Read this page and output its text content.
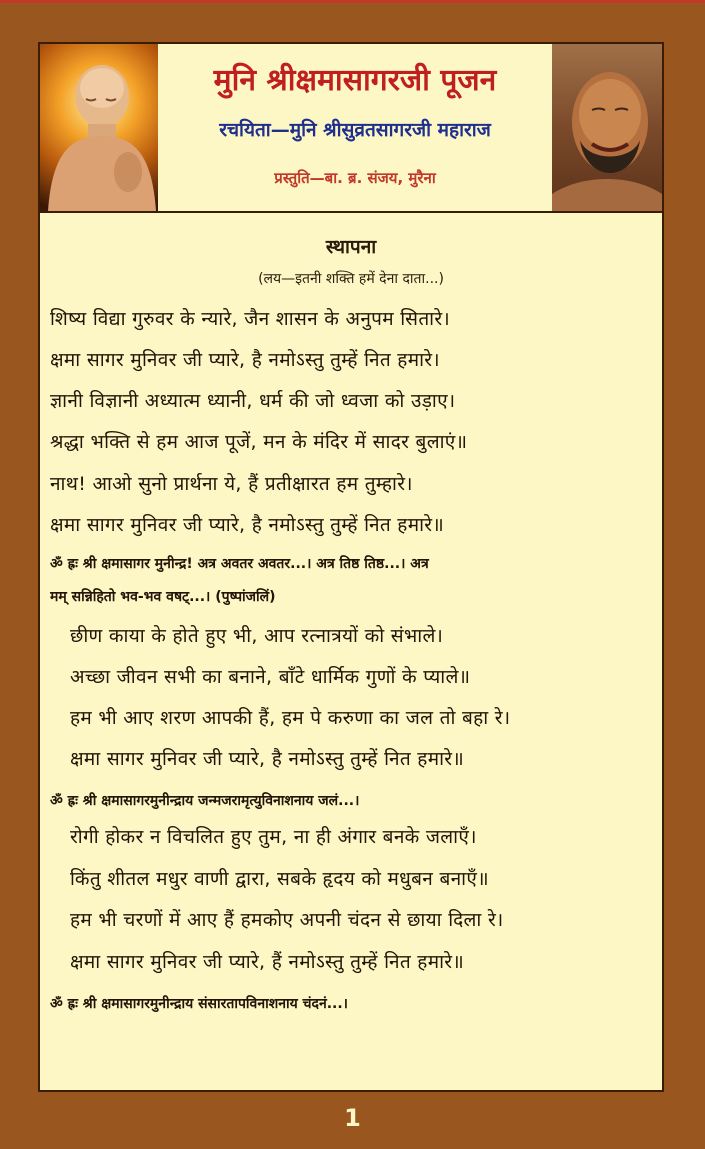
मुनि श्रीक्षमासागरजी पूजन
रचयिता—मुनि श्रीसुव्रतसागरजी महाराज
प्रस्तुति—बा. ब्र. संजय, मुरैना
स्थापना
(लय—इतनी शक्ति हमें देना दाता...)
शिष्य विद्या गुरुवर के न्यारे, जैन शासन के अनुपम सितारे।
क्षमा सागर मुनिवर जी प्यारे, है नमोऽस्तु तुम्हें नित हमारे।
ज्ञानी विज्ञानी अध्यात्म ध्यानी, धर्म की जो ध्वजा को उड़ाए।
श्रद्धा भक्ति से हम आज पूजें, मन के मंदिर में सादर बुलाएं॥
नाथ! आओ सुनो प्रार्थना ये, हैं प्रतीक्षारत हम तुम्हारे।
क्षमा सागर मुनिवर जी प्यारे, है नमोऽस्तु तुम्हें नित हमारे॥
ॐ ह्रः श्री क्षमासागर मुनीन्द्र! अत्र अवतर अवतर...। अत्र तिष्ठ तिष्ठ...। अत्र
मम् सन्निहितो भव-भव वषट्...। (पुष्पांजलिं)
छीण काया के होते हुए भी, आप रत्नात्रयों को संभाले।
अच्छा जीवन सभी का बनाने, बाँटे धार्मिक गुणों के प्याले॥
हम भी आए शरण आपकी हैं, हम पे करुणा का जल तो बहा रे।
क्षमा सागर मुनिवर जी प्यारे, है नमोऽस्तु तुम्हें नित हमारे॥
ॐ ह्रः श्री क्षमासागरमुनीन्द्राय जन्मजरामृत्युविनाशनाय जलं...।
रोगी होकर न विचलित हुए तुम, ना ही अंगार बनके जलाएँ।
किंतु शीतल मधुर वाणी द्वारा, सबके हृदय को मधुबन बनाएँ॥
हम भी चरणों में आए हैं हमकोए अपनी चंदन से छाया दिला रे।
क्षमा सागर मुनिवर जी प्यारे, हैं नमोऽस्तु तुम्हें नित हमारे॥
ॐ ह्रः श्री क्षमासागरमुनीन्द्राय संसारतापविनाशनाय चंदनं...।
1
